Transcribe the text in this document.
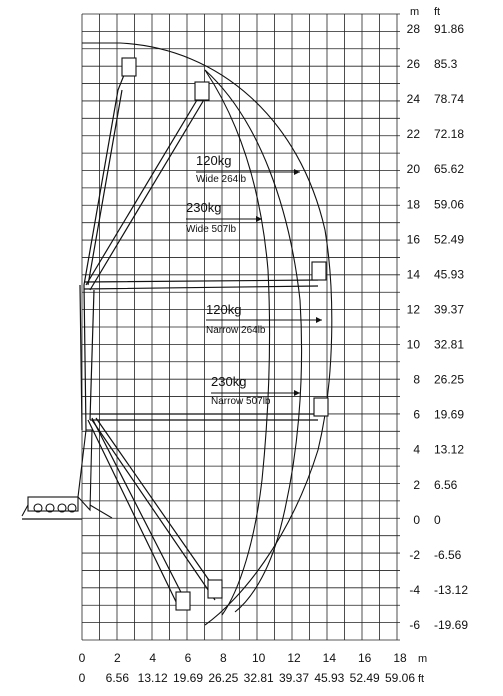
120kg
Wide 264lb
230kg
Wide 507lb
120kg
Narrow 264lb
230kg
Narrow 507lb
28 91.86
26 85.3
24 78.74
22 72.18
20 65.62
18 59.06
16 52.49
14 45.93
12 39.37
10 32.81
8 26.25
6 19.69
4 13.12
2 6.56
0 0
-2 -6.56
-4 -13.12
-6 -19.69
0
0
2
6.56
4
13.12
6
19.69
8
26.25
10
32.81
12
39.37
14
45.93
16
52.49
18
59.06
m ft
m
ft
